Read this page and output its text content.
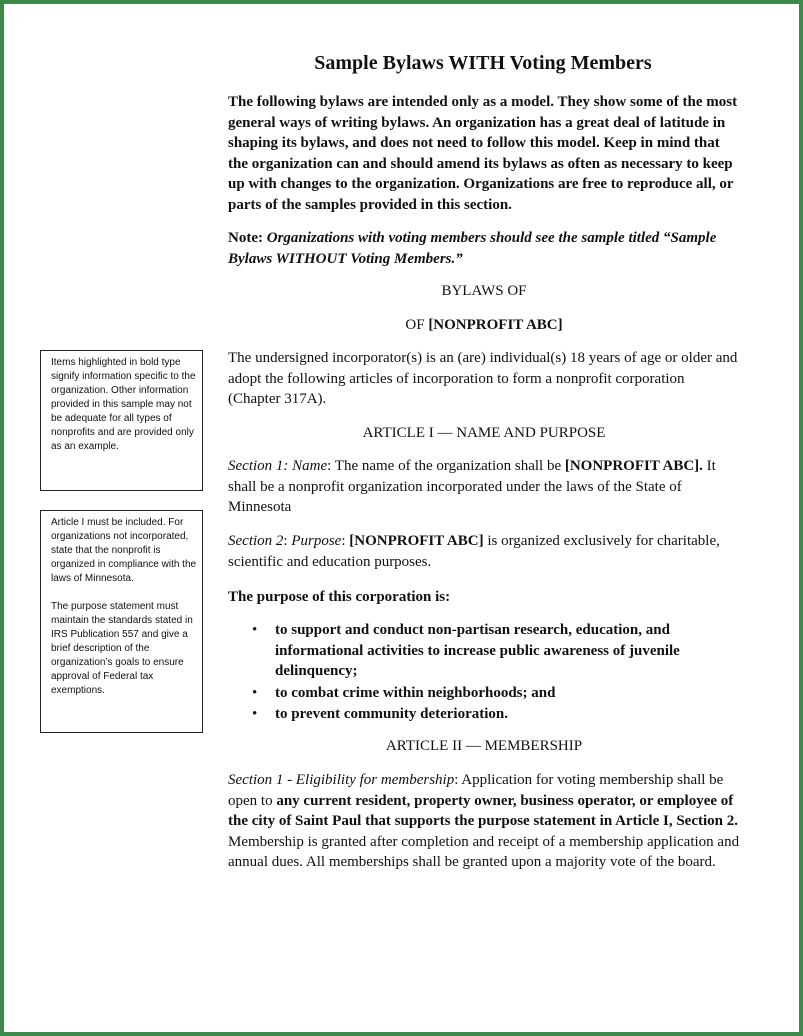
Sample Bylaws WITH Voting Members
The following bylaws are intended only as a model. They show some of the most general ways of writing bylaws. An organization has a great deal of latitude in shaping its bylaws, and does not need to follow this model. Keep in mind that the organization can and should amend its bylaws as often as necessary to keep up with changes to the organization. Organizations are free to reproduce all, or parts of the samples provided in this section.
Note: Organizations with voting members should see the sample titled “Sample Bylaws WITHOUT Voting Members.”
BYLAWS OF
OF [NONPROFIT ABC]
The undersigned incorporator(s) is an (are) individual(s) 18 years of age or older and adopt the following articles of incorporation to form a nonprofit corporation (Chapter 317A).
ARTICLE I — NAME AND PURPOSE
Section 1: Name: The name of the organization shall be [NONPROFIT ABC]. It shall be a nonprofit organization incorporated under the laws of the State of Minnesota
Section 2: Purpose: [NONPROFIT ABC] is organized exclusively for charitable, scientific and education purposes.
The purpose of this corporation is:
• to support and conduct non-partisan research, education, and informational activities to increase public awareness of juvenile delinquency;
• to combat crime within neighborhoods; and
• to prevent community deterioration.
ARTICLE II — MEMBERSHIP
Section 1 - Eligibility for membership: Application for voting membership shall be open to any current resident, property owner, business operator, or employee of the city of Saint Paul that supports the purpose statement in Article I, Section 2. Membership is granted after completion and receipt of a membership application and annual dues. All memberships shall be granted upon a majority vote of the board.
Items highlighted in bold type signify information specific to the organization. Other information provided in this sample may not be adequate for all types of nonprofits and are provided only as an example.
Article I must be included. For organizations not incorporated, state that the nonprofit is organized in compliance with the laws of Minnesota.
The purpose statement must maintain the standards stated in IRS Publication 557 and give a brief description of the organization’s goals to ensure approval of Federal tax exemptions.
